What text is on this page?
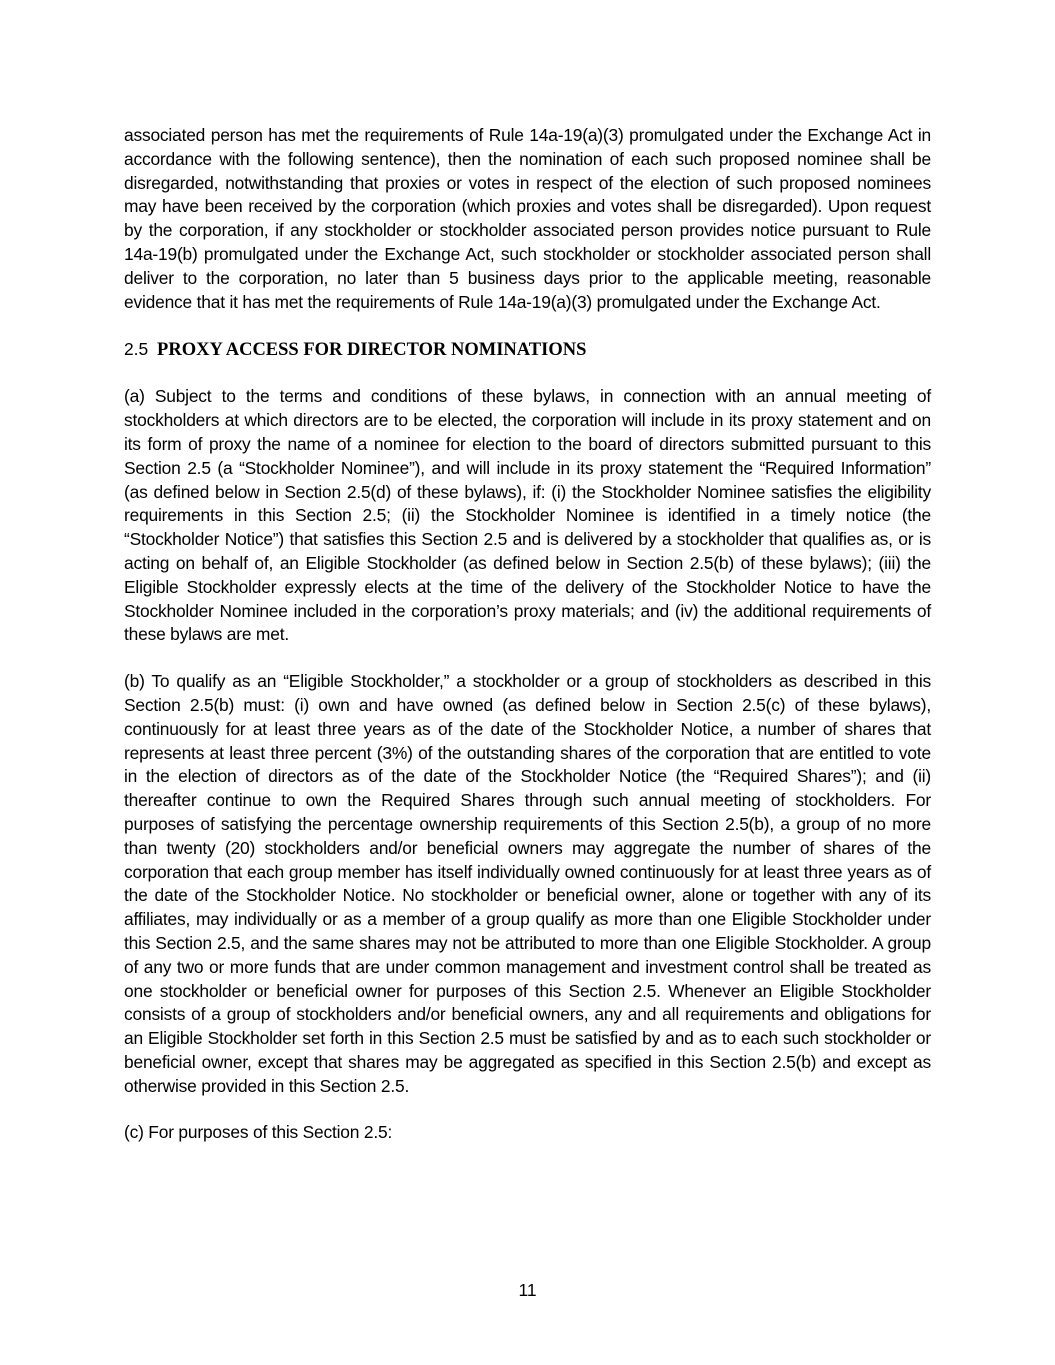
associated person has met the requirements of Rule 14a-19(a)(3) promulgated under the Exchange Act in accordance with the following sentence), then the nomination of each such proposed nominee shall be disregarded, notwithstanding that proxies or votes in respect of the election of such proposed nominees may have been received by the corporation (which proxies and votes shall be disregarded). Upon request by the corporation, if any stockholder or stockholder associated person provides notice pursuant to Rule 14a-19(b) promulgated under the Exchange Act, such stockholder or stockholder associated person shall deliver to the corporation, no later than 5 business days prior to the applicable meeting, reasonable evidence that it has met the requirements of Rule 14a-19(a)(3) promulgated under the Exchange Act.

2.5 PROXY ACCESS FOR DIRECTOR NOMINATIONS

(a) Subject to the terms and conditions of these bylaws, in connection with an annual meeting of stockholders at which directors are to be elected, the corporation will include in its proxy statement and on its form of proxy the name of a nominee for election to the board of directors submitted pursuant to this Section 2.5 (a “Stockholder Nominee”), and will include in its proxy statement the “Required Information” (as defined below in Section 2.5(d) of these bylaws), if: (i) the Stockholder Nominee satisfies the eligibility requirements in this Section 2.5; (ii) the Stockholder Nominee is identified in a timely notice (the “Stockholder Notice”) that satisfies this Section 2.5 and is delivered by a stockholder that qualifies as, or is acting on behalf of, an Eligible Stockholder (as defined below in Section 2.5(b) of these bylaws); (iii) the Eligible Stockholder expressly elects at the time of the delivery of the Stockholder Notice to have the Stockholder Nominee included in the corporation’s proxy materials; and (iv) the additional requirements of these bylaws are met.

(b) To qualify as an “Eligible Stockholder,” a stockholder or a group of stockholders as described in this Section 2.5(b) must: (i) own and have owned (as defined below in Section 2.5(c) of these bylaws), continuously for at least three years as of the date of the Stockholder Notice, a number of shares that represents at least three percent (3%) of the outstanding shares of the corporation that are entitled to vote in the election of directors as of the date of the Stockholder Notice (the “Required Shares”); and (ii) thereafter continue to own the Required Shares through such annual meeting of stockholders. For purposes of satisfying the percentage ownership requirements of this Section 2.5(b), a group of no more than twenty (20) stockholders and/or beneficial owners may aggregate the number of shares of the corporation that each group member has itself individually owned continuously for at least three years as of the date of the Stockholder Notice. No stockholder or beneficial owner, alone or together with any of its affiliates, may individually or as a member of a group qualify as more than one Eligible Stockholder under this Section 2.5, and the same shares may not be attributed to more than one Eligible Stockholder. A group of any two or more funds that are under common management and investment control shall be treated as one stockholder or beneficial owner for purposes of this Section 2.5. Whenever an Eligible Stockholder consists of a group of stockholders and/or beneficial owners, any and all requirements and obligations for an Eligible Stockholder set forth in this Section 2.5 must be satisfied by and as to each such stockholder or beneficial owner, except that shares may be aggregated as specified in this Section 2.5(b) and except as otherwise provided in this Section 2.5.

(c) For purposes of this Section 2.5:

11
